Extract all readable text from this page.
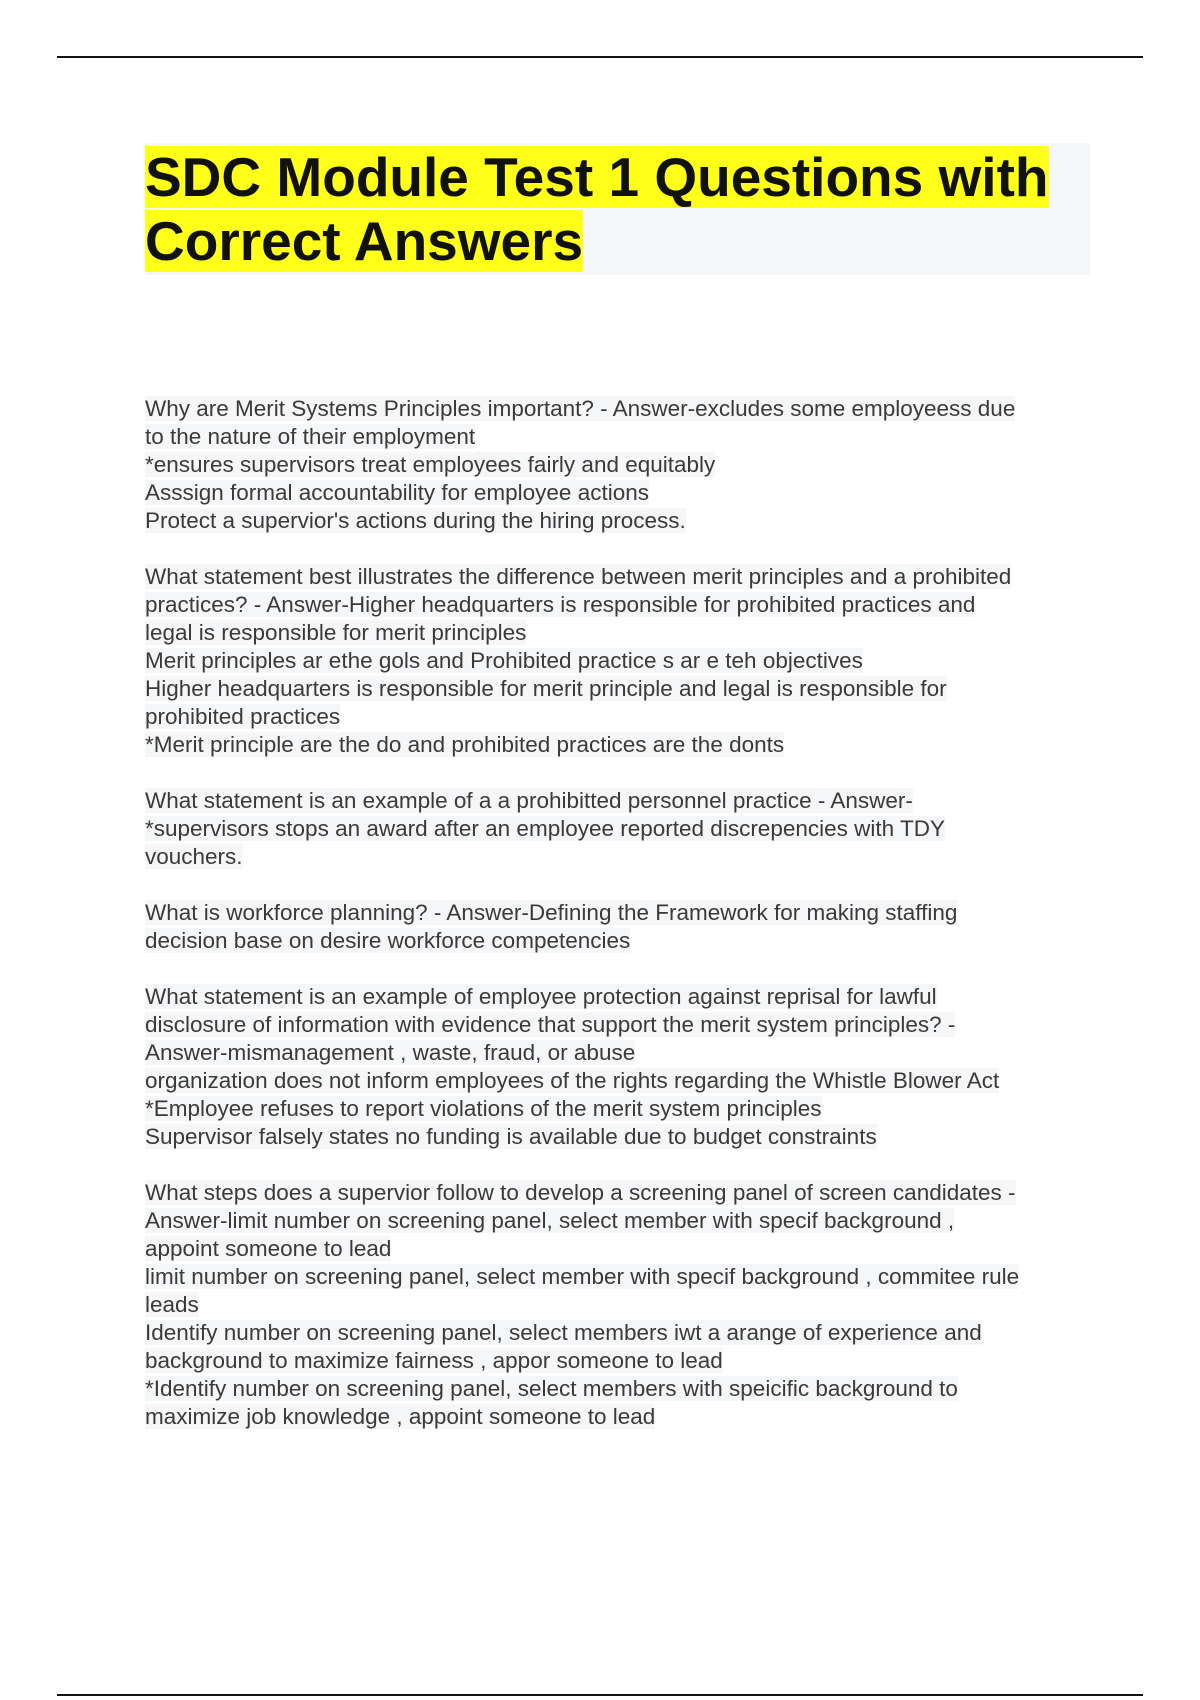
SDC Module Test 1 Questions with
Correct Answers
Why are Merit Systems Principles important? - Answer-excludes some employeess due
to the nature of their employment
*ensures supervisors treat employees fairly and equitably
Asssign formal accountability for employee actions
Protect a supervior's actions during the hiring process.
What statement best illustrates the difference between merit principles and a prohibited
practices? - Answer-Higher headquarters is responsible for prohibited practices and
legal is responsible for merit principles
Merit principles ar ethe gols and Prohibited practice s ar e teh objectives
Higher headquarters is responsible for merit principle and legal is responsible for
prohibited practices
*Merit principle are the do and prohibited practices are the donts
What statement is an example of a a prohibitted personnel practice - Answer-
*supervisors stops an award after an employee reported discrepencies with TDY
vouchers.
What is workforce planning? - Answer-Defining the Framework for making staffing
decision base on desire workforce competencies
What statement is an example of employee protection against reprisal for lawful
disclosure of information with evidence that support the merit system principles? -
Answer-mismanagement , waste, fraud, or abuse
organization does not inform employees of the rights regarding the Whistle Blower Act
*Employee refuses to report violations of the merit system principles
Supervisor falsely states no funding is available due to budget constraints
What steps does a supervior follow to develop a screening panel of screen candidates -
Answer-limit number on screening panel, select member with specif background ,
appoint someone to lead
limit number on screening panel, select member with specif background , commitee rule
leads
Identify number on screening panel, select members iwt a arange of experience and
background to maximize fairness , appor someone to lead
*Identify number on screening panel, select members with speicific background to
maximize job knowledge , appoint someone to lead
